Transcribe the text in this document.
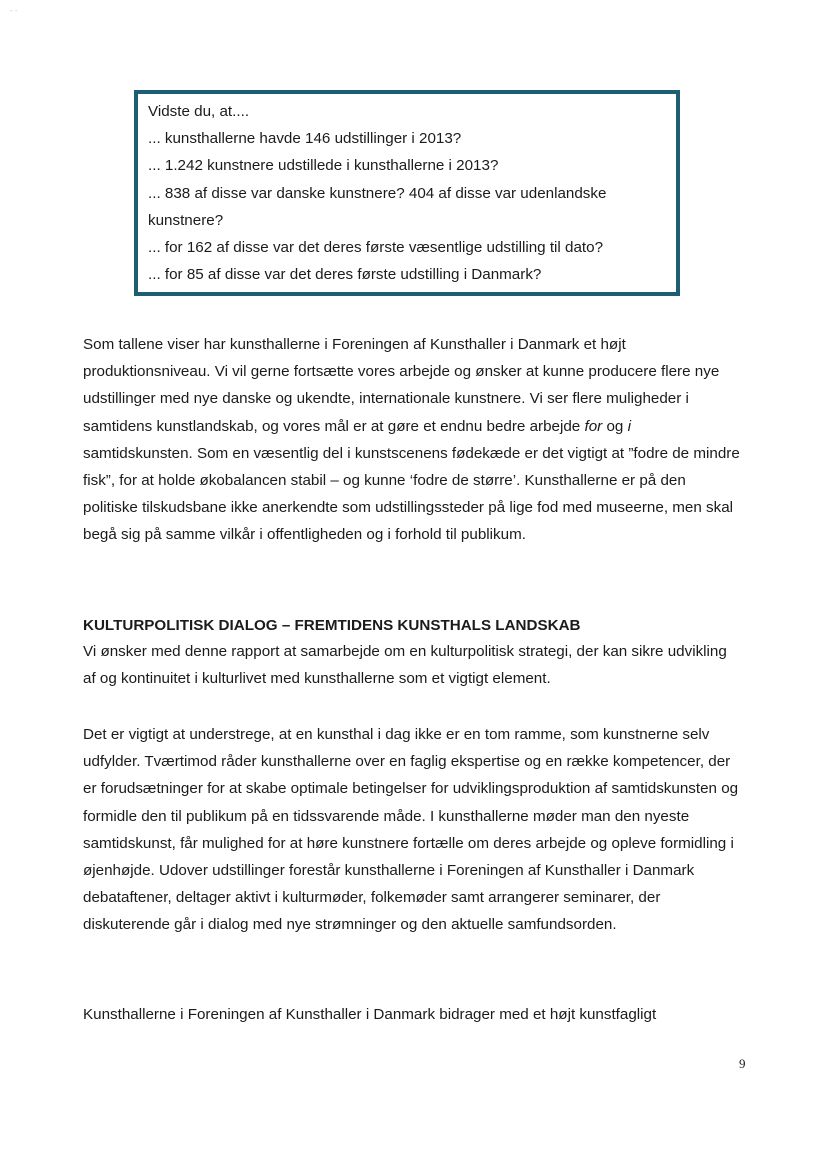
- -
Vidste du, at....
... kunsthallerne havde 146 udstillinger i 2013?
... 1.242 kunstnere udstillede i kunsthallerne i 2013?
... 838 af disse var danske kunstnere? 404 af disse var udenlandske kunstnere?
... for 162 af disse var det deres første væsentlige udstilling til dato?
... for 85 af disse var det deres første udstilling i Danmark?

Som tallene viser har kunsthallerne i Foreningen af Kunsthaller i Danmark et højt produktionsniveau. Vi vil gerne fortsætte vores arbejde og ønsker at kunne producere flere nye udstillinger med nye danske og ukendte, internationale kunstnere. Vi ser flere muligheder i samtidens kunstlandskab, og vores mål er at gøre et endnu bedre arbejde for og i samtidskunsten. Som en væsentlig del i kunstscenens fødekæde er det vigtigt at ”fodre de mindre fisk”, for at holde økobalancen stabil – og kunne ‘fodre de større’. Kunsthallerne er på den politiske tilskudsbane ikke anerkendte som udstillingssteder på lige fod med museerne, men skal begå sig på samme vilkår i offentligheden og i forhold til publikum.

KULTURPOLITISK DIALOG – FREMTIDENS KUNSTHALS LANDSKAB

Vi ønsker med denne rapport at samarbejde om en kulturpolitisk strategi, der kan sikre udvikling af og kontinuitet i kulturlivet med kunsthallerne som et vigtigt element.

Det er vigtigt at understrege, at en kunsthal i dag ikke er en tom ramme, som kunstnerne selv udfylder. Tværtimod råder kunsthallerne over en faglig ekspertise og en række kompetencer, der er forudsætninger for at skabe optimale betingelser for udviklingsproduktion af samtidskunsten og formidle den til publikum på en tidssvarende måde. I kunsthallerne møder man den nyeste samtidskunst, får mulighed for at høre kunstnere fortælle om deres arbejde og opleve formidling i øjenhøjde. Udover udstillinger forestår kunsthallerne i Foreningen af Kunsthaller i Danmark debataftener, deltager aktivt i kulturmøder, folkemøder samt arrangerer seminarer, der diskuterende går i dialog med nye strømninger og den aktuelle samfundsorden.

Kunsthallerne i Foreningen af Kunsthaller i Danmark bidrager med et højt kunstfagligt

9
